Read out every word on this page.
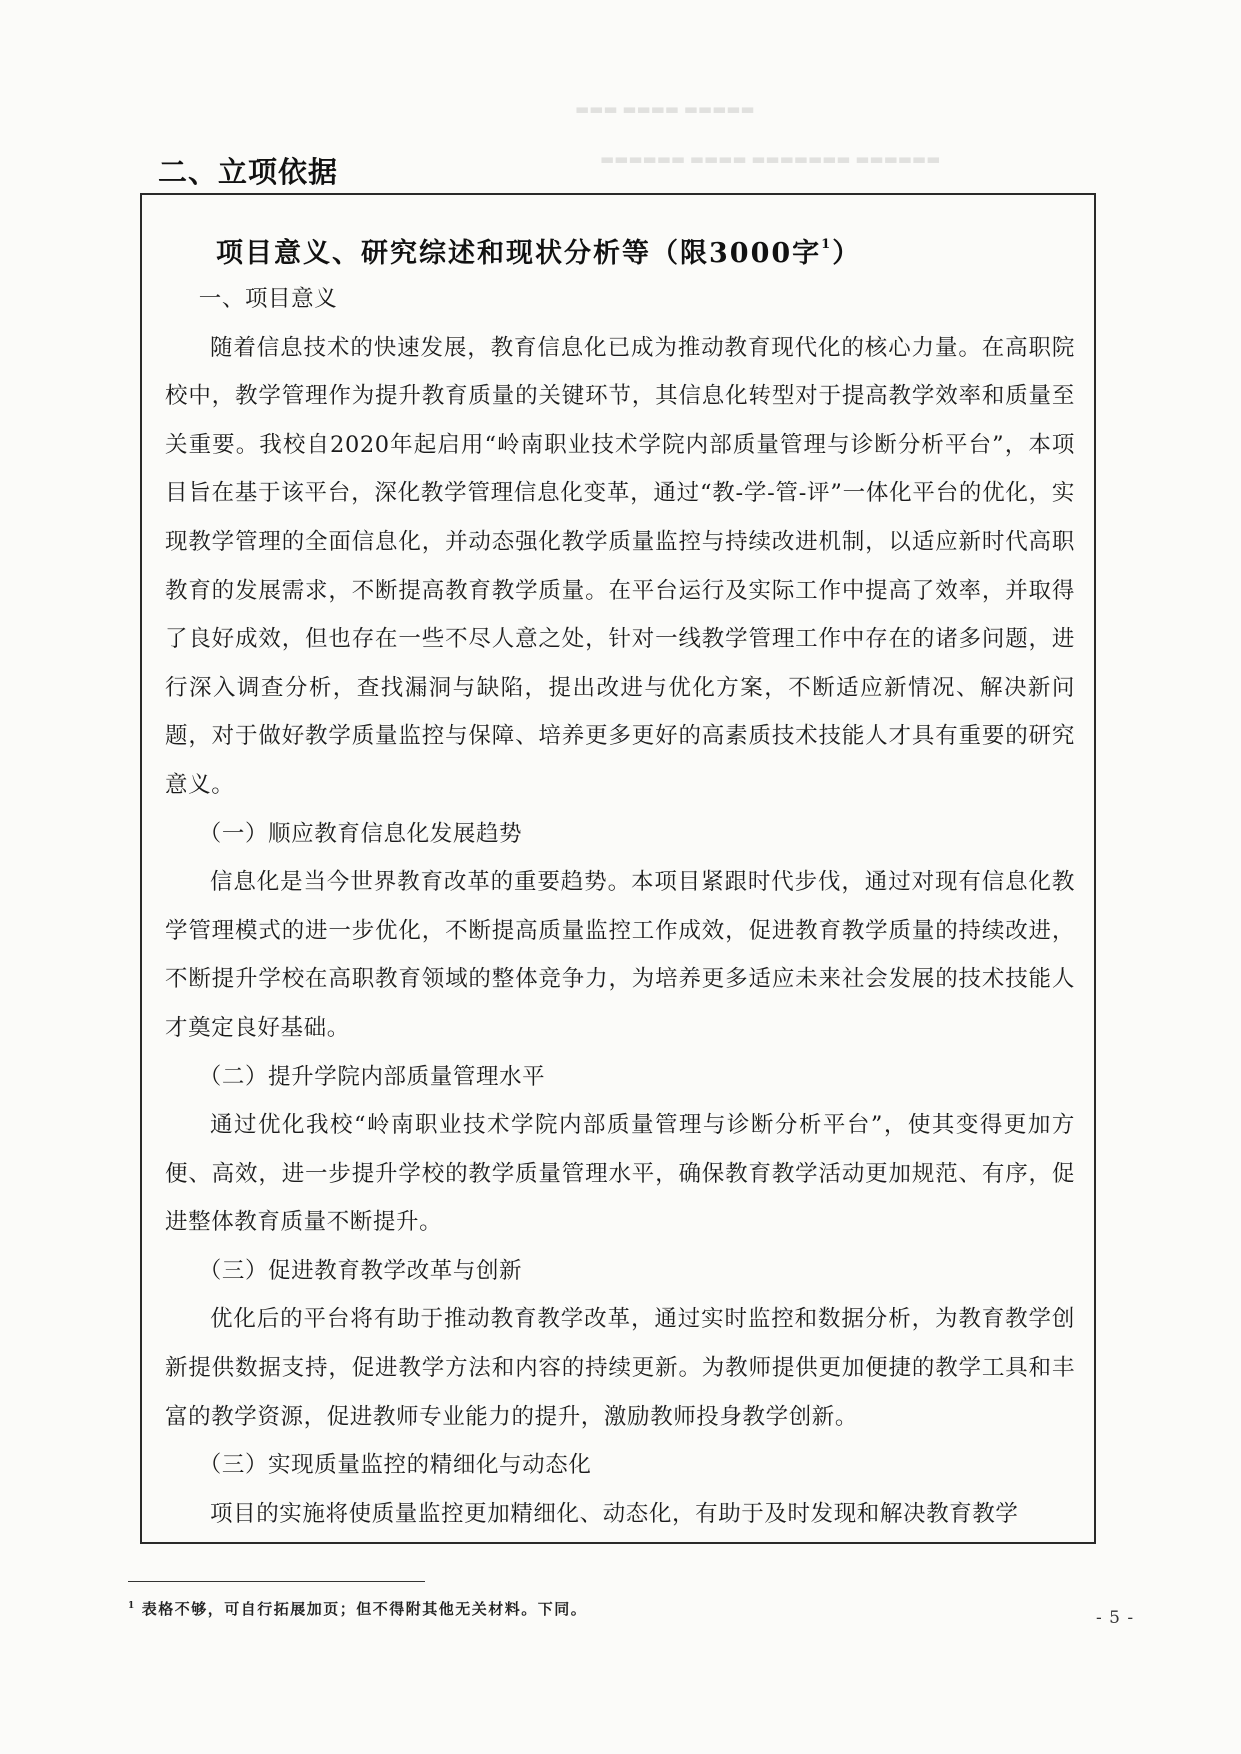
▬▬▬ ▬▬▬▬ ▬▬▬▬▬
▬▬▬▬▬▬ ▬▬▬▬ ▬▬▬▬▬▬▬ ▬▬▬▬▬▬
二、立项依据
项目意义、研究综述和现状分析等（限3000字$^1$）

一、项目意义

随着信息技术的快速发展，教育信息化已成为推动教育现代化的核心力量。在高职院校中，教学管理作为提升教育质量的关键环节，其信息化转型对于提高教学效率和质量至关重要。我校自2020年起启用“岭南职业技术学院内部质量管理与诊断分析平台”，本项目旨在基于该平台，深化教学管理信息化变革，通过“教-学-管-评”一体化平台的优化，实现教学管理的全面信息化，并动态强化教学质量监控与持续改进机制，以适应新时代高职教育的发展需求，不断提高教育教学质量。在平台运行及实际工作中提高了效率，并取得了良好成效，但也存在一些不尽人意之处，针对一线教学管理工作中存在的诸多问题，进行深入调查分析，查找漏洞与缺陷，提出改进与优化方案，不断适应新情况、解决新问题，对于做好教学质量监控与保障、培养更多更好的高素质技术技能人才具有重要的研究意义。

（一）顺应教育信息化发展趋势

信息化是当今世界教育改革的重要趋势。本项目紧跟时代步伐，通过对现有信息化教学管理模式的进一步优化，不断提高质量监控工作成效，促进教育教学质量的持续改进，不断提升学校在高职教育领域的整体竞争力，为培养更多适应未来社会发展的技术技能人才奠定良好基础。

（二）提升学院内部质量管理水平

通过优化我校“岭南职业技术学院内部质量管理与诊断分析平台”，使其变得更加方便、高效，进一步提升学校的教学质量管理水平，确保教育教学活动更加规范、有序，促进整体教育质量不断提升。

（三）促进教育教学改革与创新

优化后的平台将有助于推动教育教学改革，通过实时监控和数据分析，为教育教学创新提供数据支持，促进教学方法和内容的持续更新。为教师提供更加便捷的教学工具和丰富的教学资源，促进教师专业能力的提升，激励教师投身教学创新。

（三）实现质量监控的精细化与动态化

项目的实施将使质量监控更加精细化、动态化，有助于及时发现和解决教育教学

$^1$ 表格不够，可自行拓展加页；但不得附其他无关材料。下同。	- 5 -
